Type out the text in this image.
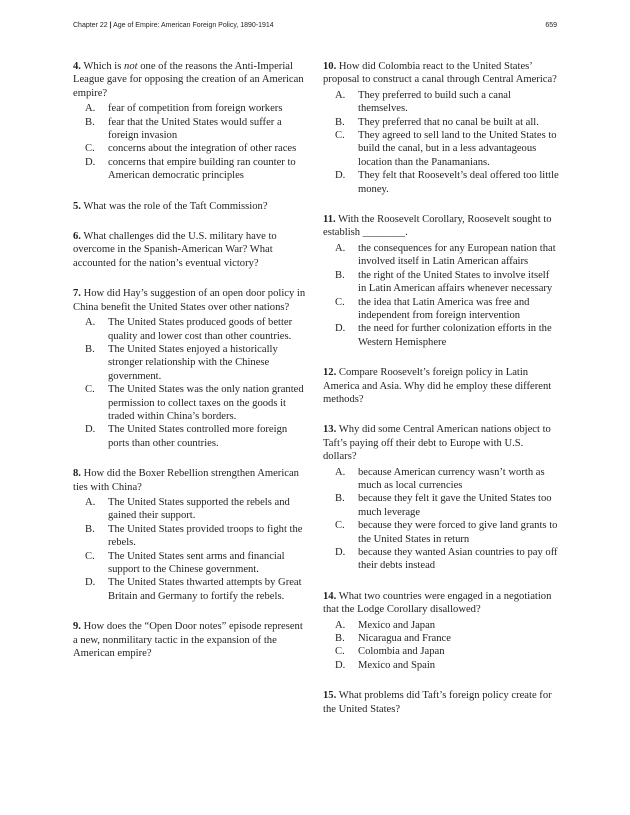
Chapter 22 | Age of Empire: American Foreign Policy, 1890-1914	659

4. Which is not one of the reasons the Anti-Imperial League gave for opposing the creation of an American empire?

A.	fear of competition from foreign workers
B.	fear that the United States would suffer a foreign invasion
C.	concerns about the integration of other races
D.	concerns that empire building ran counter to American democratic principles

5. What was the role of the Taft Commission?

6. What challenges did the U.S. military have to overcome in the Spanish-American War? What accounted for the nation’s eventual victory?

7. How did Hay’s suggestion of an open door policy in China benefit the United States over other nations?

A.	The United States produced goods of better quality and lower cost than other countries.
B.	The United States enjoyed a historically stronger relationship with the Chinese government.
C.	The United States was the only nation granted permission to collect taxes on the goods it traded within China’s borders.
D.	The United States controlled more foreign ports than other countries.

8. How did the Boxer Rebellion strengthen American ties with China?

A.	The United States supported the rebels and gained their support.
B.	The United States provided troops to fight the rebels.
C.	The United States sent arms and financial support to the Chinese government.
D.	The United States thwarted attempts by Great Britain and Germany to fortify the rebels.

9. How does the “Open Door notes” episode represent a new, nonmilitary tactic in the expansion of the American empire?

10. How did Colombia react to the United States’ proposal to construct a canal through Central America?

A.	They preferred to build such a canal themselves.
B.	They preferred that no canal be built at all.
C.	They agreed to sell land to the United States to build the canal, but in a less advantageous location than the Panamanians.
D.	They felt that Roosevelt’s deal offered too little money.

11. With the Roosevelt Corollary, Roosevelt sought to establish ________.

A.	the consequences for any European nation that involved itself in Latin American affairs
B.	the right of the United States to involve itself in Latin American affairs whenever necessary
C.	the idea that Latin America was free and independent from foreign intervention
D.	the need for further colonization efforts in the Western Hemisphere

12. Compare Roosevelt’s foreign policy in Latin America and Asia. Why did he employ these different methods?

13. Why did some Central American nations object to Taft’s paying off their debt to Europe with U.S. dollars?

A.	because American currency wasn’t worth as much as local currencies
B.	because they felt it gave the United States too much leverage
C.	because they were forced to give land grants to the United States in return
D.	because they wanted Asian countries to pay off their debts instead

14. What two countries were engaged in a negotiation that the Lodge Corollary disallowed?

A.	Mexico and Japan
B.	Nicaragua and France
C.	Colombia and Japan
D.	Mexico and Spain

15. What problems did Taft’s foreign policy create for the United States?
